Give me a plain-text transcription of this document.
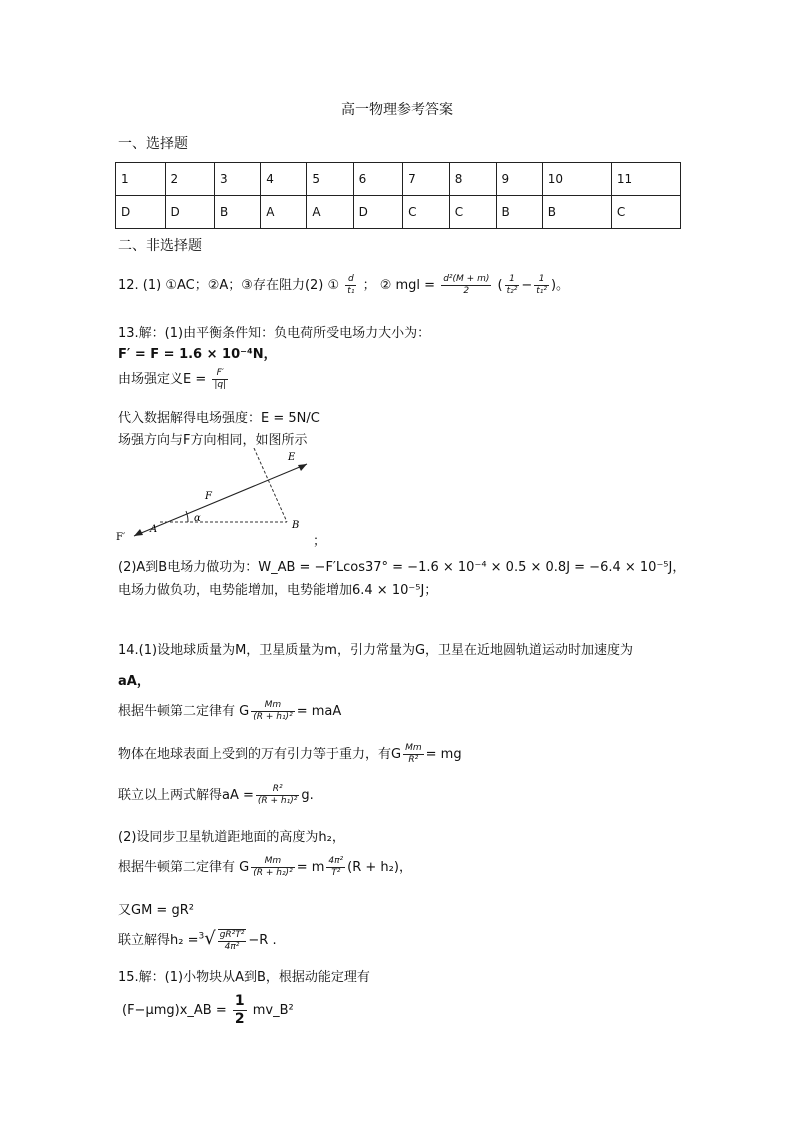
高一物理参考答案
一、选择题
1	2	3	4	5	6	7	8	9	10	11
D	D	B	A	A	D	C	C	B	B	C
二、非选择题
12. (1) ①AC；②A；③存在阻力(2) ① $\frac{d}{\text{t₁}}$ ； ② mgl = $\frac{\text{d²(M + m)}}{2}$ ( $\frac{1}{\text{t₂²}} - \frac{1}{\text{t₁²}}$ )。
13.解：(1)由平衡条件知：负电荷所受电场力大小为：
F′ = F = 1.6 × 10⁻⁴N，
由场强定义$E = \frac{F'}{|q|}$
代入数据解得电场强度：E = 5N/C
场强方向与F方向相同，如图所示
E
F
α
A	B
F′	；
(2)A到B电场力做功为：W_AB = −F′Lcos37° = −1.6 × 10⁻⁴ × 0.5 × 0.8J = −6.4 × 10⁻⁵J，
电场力做负功，电势能增加，电势能增加6.4 × 10⁻⁵J；
14.(1)设地球质量为M，卫星质量为m，引力常量为G，卫星在近地圆轨道运动时加速度为
aA，
根据牛顿第二定律有 G $\frac{Mm}{\text{(R + h₁)²}}$ = maA
物体在地球表面上受到的万有引力等于重力，有G $\frac{Mm}{\text{R²}}$ = mg
联立以上两式解得aA = $\frac{\text{R²}}{\text{(R + h₁)²}} g$.
(2)设同步卫星轨道距地面的高度为h₂，
根据牛顿第二定律有 G $\frac{Mm}{\text{(R + h₂)²}} = m \frac{\text{4π²}}{\text{T²}} (R + h_2)$，
又GM = gR²
联立解得$h_2 =^3√ \frac{\text{gR²T²}}{\text{4π²}} -R$ .
15.解：(1)小物块从A到B，根据动能定理有
(F−μmg)x_AB = $\frac{1}{2}$ mv_B²
